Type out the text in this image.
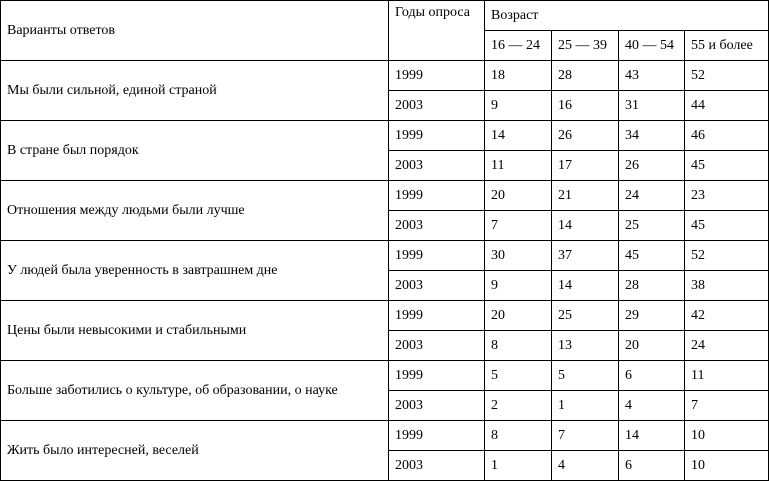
Варианты ответов	Годы опроса	Возраст			
		16 — 24	25 — 39	40 — 54	55 и более
Мы были сильной, единой страной	1999	18	28	43	52
	2003	9	16	31	44
В стране был порядок	1999	14	26	34	46
	2003	11	17	26	45
Отношения между людьми были лучше	1999	20	21	24	23
	2003	7	14	25	45
У людей была уверенность в завтрашнем дне	1999	30	37	45	52
	2003	9	14	28	38
Цены были невысокими и стабильными	1999	20	25	29	42
	2003	8	13	20	24
Больше заботились о культуре, об образовании, о науке	1999	5	5	6	11
	2003	2	1	4	7
Жить было интересней, веселей	1999	8	7	14	10
	2003	1	4	6	10
